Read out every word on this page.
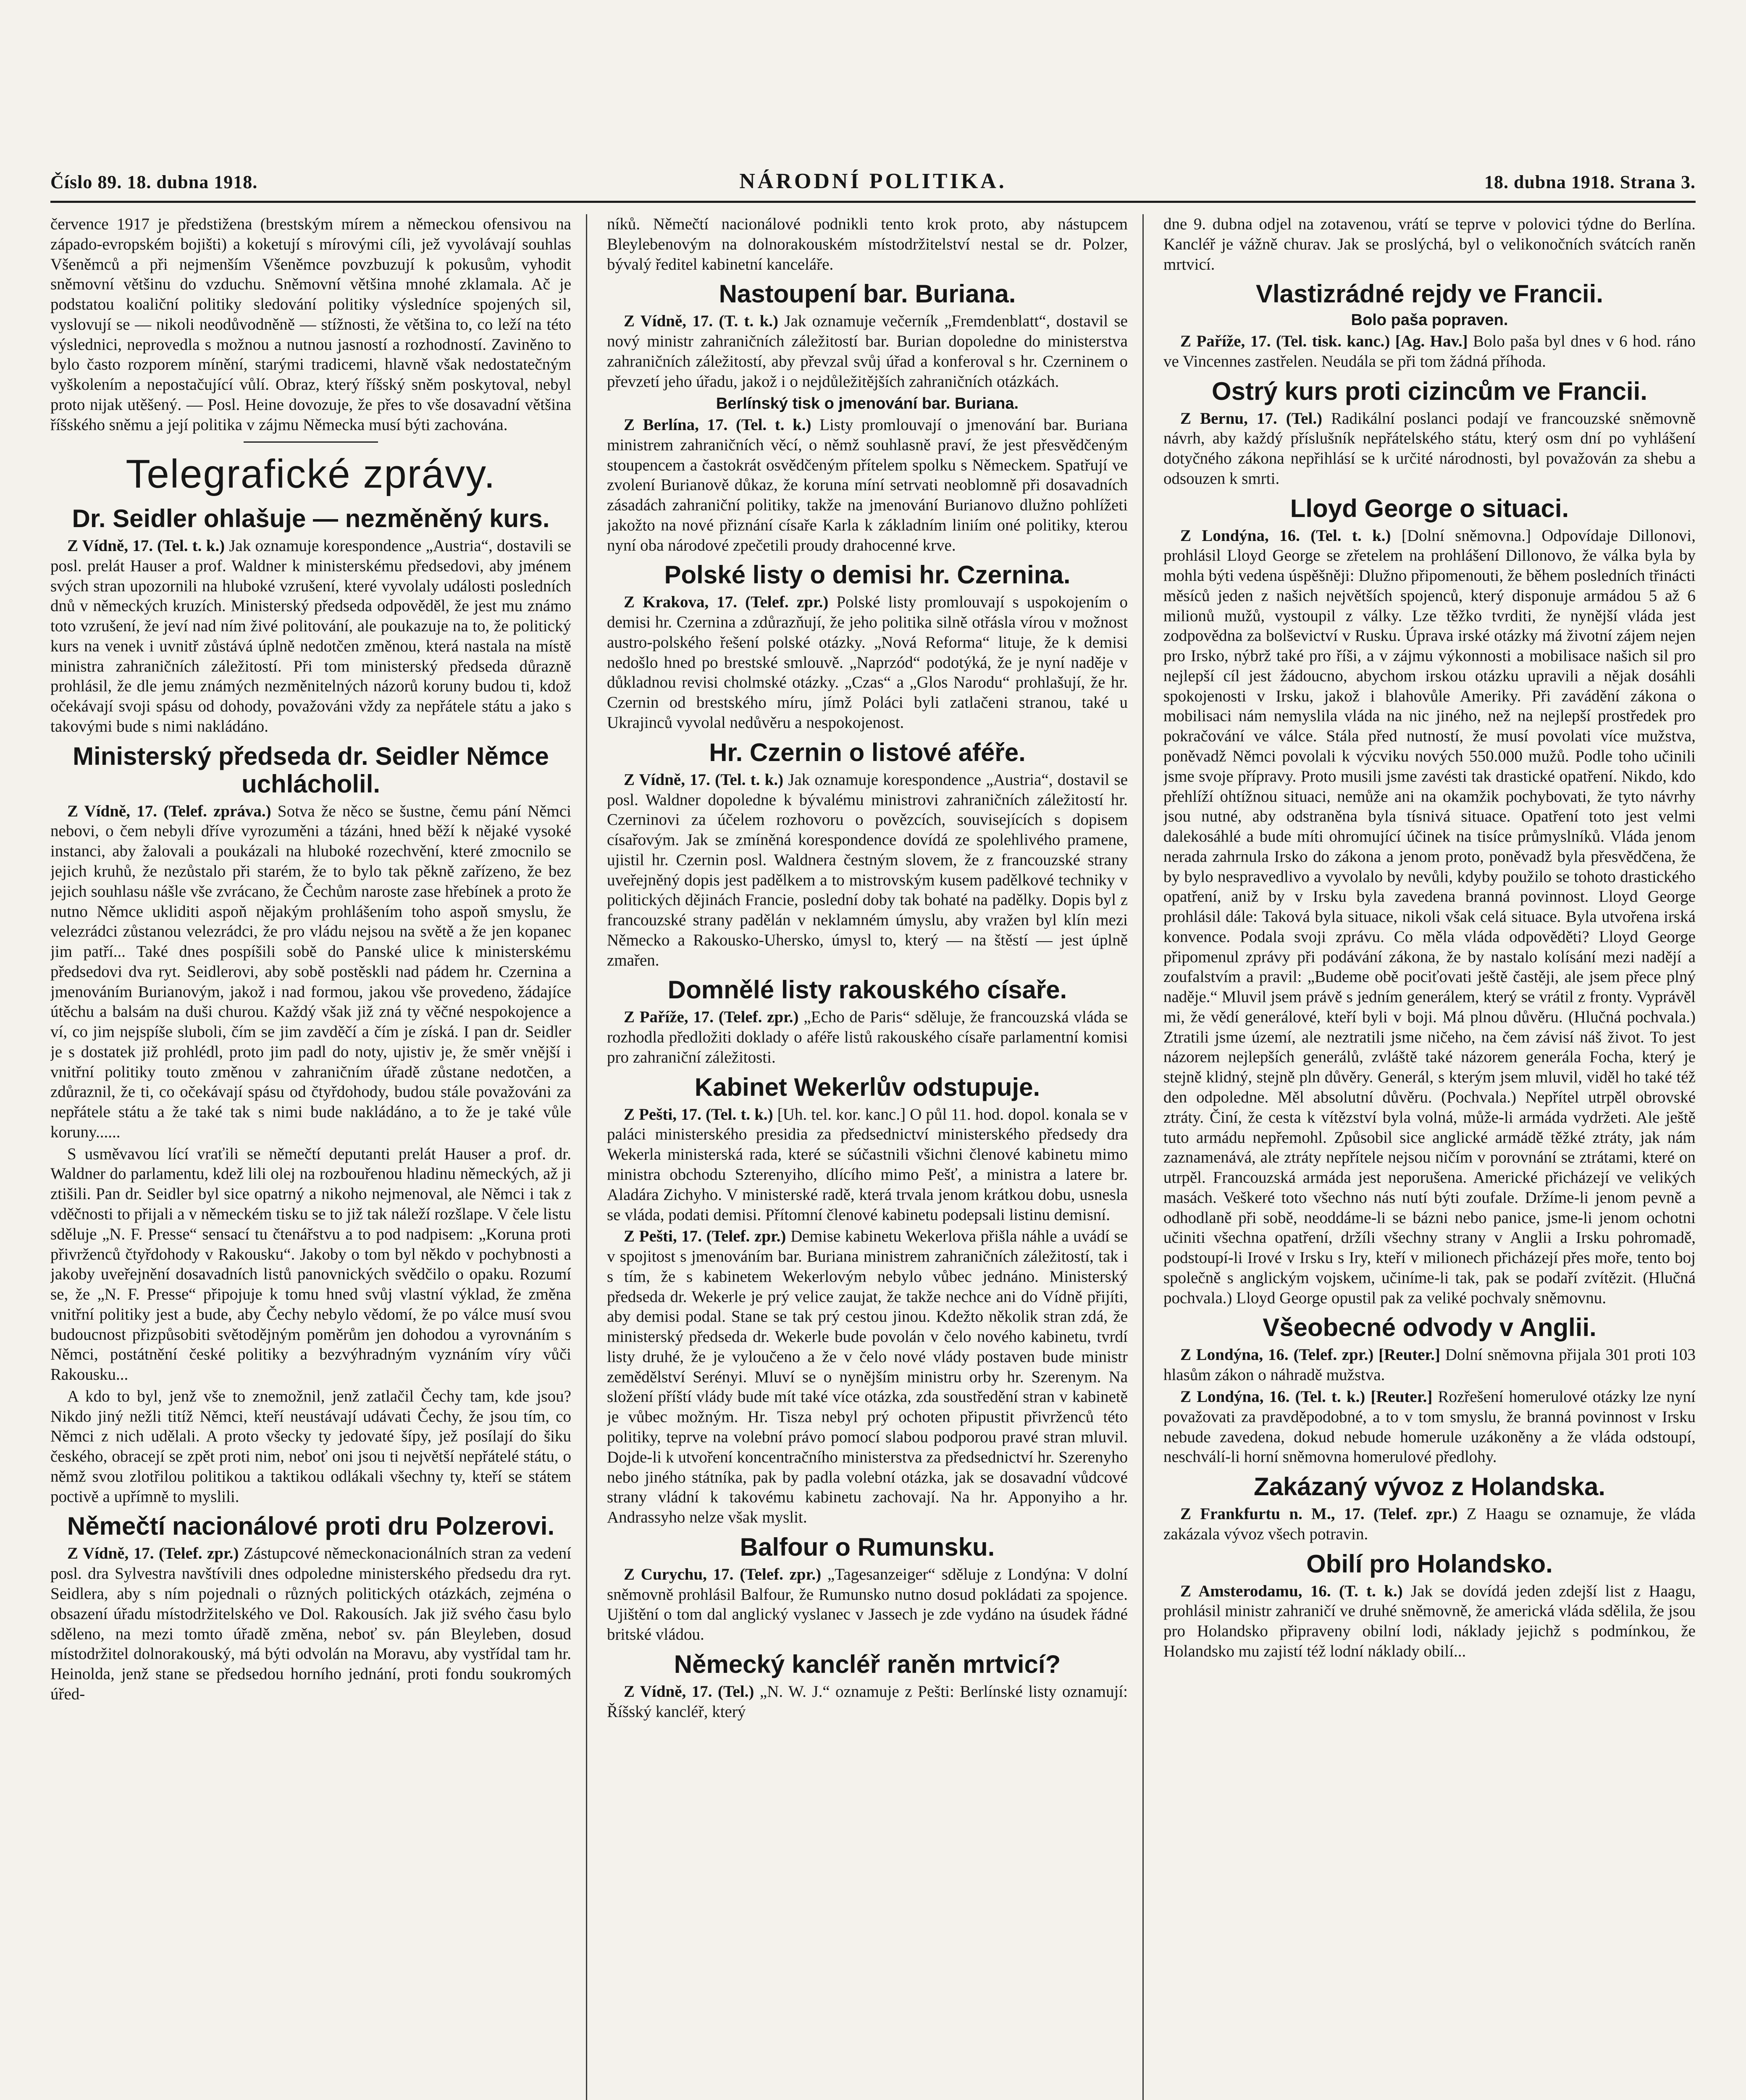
Číslo 89. 18. dubna 1918.	NÁRODNÍ POLITIKA.	18. dubna 1918. Strana 3.

července 1917 je předstižena (brestským mírem a německou ofensivou na západo-evropském bojišti) a koketují s mírovými cíli, jež vyvolávají souhlas Všeněmců a při nejmenším Všeněmce povzbuzují k pokusům, vyhodit sněmovní většinu do vzduchu. Sněmovní většina mnohé zklamala. Ač je podstatou koaliční politiky sledování politiky výsledníce spojených sil, vyslovují se — nikoli neodůvodněně — stížnosti, že většina to, co leží na této výslednici, neprovedla s možnou a nutnou jasností a rozhodností. Zaviněno to bylo často rozporem mínění, starými tradicemi, hlavně však nedostatečným vyškolením a nepostačující vůlí. Obraz, který říšský sněm poskytoval, nebyl proto nijak utěšený. — Posl. Heine dovozuje, že přes to vše dosavadní většina říšského sněmu a její politika v zájmu Německa musí býti zachována.

Telegrafické zprávy.
Dr. Seidler ohlašuje — nezměněný kurs.

Z Vídně, 17. (Tel. t. k.) Jak oznamuje korespondence „Austria“, dostavili se posl. prelát Hauser a prof. Waldner k ministerskému předsedovi, aby jménem svých stran upozornili na hluboké vzrušení, které vyvolaly události posledních dnů v německých kruzích. Ministerský předseda odpověděl, že jest mu známo toto vzrušení, že jeví nad ním živé politování, ale poukazuje na to, že politický kurs na venek i uvnitř zůstává úplně nedotčen změnou, která nastala na místě ministra zahraničních záležitostí. Při tom ministerský předseda důrazně prohlásil, že dle jemu známých nezměnitelných názorů koruny budou ti, kdož očekávají svoji spásu od dohody, považováni vždy za nepřátele státu a jako s takovými bude s nimi nakládáno.

Ministerský předseda dr. Seidler Němce uchlácholil.

Z Vídně, 17. (Telef. zpráva.) Sotva že něco se šustne, čemu pání Němci nebovi, o čem nebyli dříve vyrozuměni a tázáni, hned běží k nějaké vysoké instanci, aby žalovali a poukázali na hluboké rozechvění, které zmocnilo se jejich kruhů, že nezůstalo při starém, že to bylo tak pěkně zařízeno, že bez jejich souhlasu nášle vše zvrácano, že Čechům naroste zase hřebínek a proto že nutno Němce ukliditi aspoň nějakým prohlášením toho aspoň smyslu, že velezrádci zůstanou velezrádci, že pro vládu nejsou na světě a že jen kopanec jim patří... Také dnes pospíšili sobě do Panské ulice k ministerskému předsedovi dva ryt. Seidlerovi, aby sobě postěskli nad pádem hr. Czernina a jmenováním Burianovým, jakož i nad formou, jakou vše provedeno, žádajíce útěchu a balsám na duši churou. Každý však již zná ty věčné nespokojence a ví, co jim nejspíše sluboli, čím se jim zavděčí a čím je získá. I pan dr. Seidler je s dostatek již prohlédl, proto jim padl do noty, ujistiv je, že směr vnější i vnitřní politiky touto změnou v zahraničním úřadě zůstane nedotčen, a zdůraznil, že ti, co očekávají spásu od čtyřdohody, budou stále považováni za nepřátele státu a že také tak s nimi bude nakládáno, a to že je také vůle koruny......

S usměvavou lící vraťili se němečtí deputanti prelát Hauser a prof. dr. Waldner do parlamentu, kdež lili olej na rozbouřenou hladinu německých, až ji ztišili. Pan dr. Seidler byl sice opatrný a nikoho nejmenoval, ale Němci i tak z vděčnosti to přijali a v německém tisku se to již tak náleží rozšlape. V čele listu sděluje „N. F. Presse“ sensací tu čtenářstvu a to pod nadpisem: „Koruna proti přivrženců čtyřdohody v Rakousku“. Jakoby o tom byl někdo v pochybnosti a jakoby uveřejnění dosavadních listů panovnických svědčilo o opaku. Rozumí se, že „N. F. Presse“ připojuje k tomu hned svůj vlastní výklad, že změna vnitřní politiky jest a bude, aby Čechy nebylo vědomí, že po válce musí svou budoucnost přizpůsobiti světodějným poměrům jen dohodou a vyrovnáním s Němci, postátnění české politiky a bezvýhradným vyznáním víry vůči Rakousku...

A kdo to byl, jenž vše to znemožnil, jenž zatlačil Čechy tam, kde jsou? Nikdo jiný nežli titíž Němci, kteří neustávají udávati Čechy, že jsou tím, co Němci z nich udělali. A proto všecky ty jedovaté šípy, jež posílají do šiku českého, obracejí se zpět proti nim, neboť oni jsou ti největší nepřátelé státu, o němž svou zlotřilou politikou a taktikou odlákali všechny ty, kteří se státem poctivě a upřímně to myslili.

Němečtí nacionálové proti dru Polzerovi.

Z Vídně, 17. (Telef. zpr.) Zástupcové německonacionálních stran za vedení posl. dra Sylvestra navštívili dnes odpoledne ministerského předsedu dra ryt. Seidlera, aby s ním pojednali o různých politických otázkách, zejména o obsazení úřadu místodržitelského ve Dol. Rakousích. Jak již svého času bylo sděleno, na mezi tomto úřadě změna, neboť sv. pán Bleyleben, dosud místodržitel dolnorakouský, má býti odvolán na Moravu, aby vystřídal tam hr. Heinolda, jenž stane se předsedou horního jednání, proti fondu soukromých úřed-

níků. Němečtí nacionálové podnikli tento krok proto, aby nástupcem Bleylebenovým na dolnorakouském místodržitelství nestal se dr. Polzer, bývalý ředitel kabinetní kanceláře.

Nastoupení bar. Buriana.

Z Vídně, 17. (T. t. k.) Jak oznamuje večerník „Fremdenblatt“, dostavil se nový ministr zahraničních záležitostí bar. Burian dopoledne do ministerstva zahraničních záležitostí, aby převzal svůj úřad a konferoval s hr. Czerninem o převzetí jeho úřadu, jakož i o nejdůležitějších zahraničních otázkách.

Berlínský tisk o jmenování bar. Buriana.

Z Berlína, 17. (Tel. t. k.) Listy promlouvají o jmenování bar. Buriana ministrem zahraničních věcí, o němž souhlasně praví, že jest přesvědčeným stoupencem a častokrát osvědčeným přítelem spolku s Německem. Spatřují ve zvolení Burianově důkaz, že koruna míní setrvati neoblomně při dosavadních zásadách zahraniční politiky, takže na jmenování Burianovo dlužno pohlížeti jakožto na nové přiznání císaře Karla k základním liniím oné politiky, kterou nyní oba národové zpečetili proudy drahocenné krve.

Polské listy o demisi hr. Czernina.

Z Krakova, 17. (Telef. zpr.) Polské listy promlouvají s uspokojením o demisi hr. Czernina a zdůrazňují, že jeho politika silně otřásla vírou v možnost austro-polského řešení polské otázky. „Nová Reforma“ lituje, že k demisi nedošlo hned po brestské smlouvě. „Naprzód“ podotýká, že je nyní naděje v důkladnou revisi cholmské otázky. „Czas“ a „Glos Narodu“ prohlašují, že hr. Czernin od brestského míru, jímž Poláci byli zatlačeni stranou, také u Ukrajinců vyvolal nedůvěru a nespokojenost.

Hr. Czernin o listové aféře.

Z Vídně, 17. (Tel. t. k.) Jak oznamuje korespondence „Austria“, dostavil se posl. Waldner dopoledne k bývalému ministrovi zahraničních záležitostí hr. Czerninovi za účelem rozhovoru o povězcích, souvisejících s dopisem císařovým. Jak se zmíněná korespondence dovídá ze spolehlivého pramene, ujistil hr. Czernin posl. Waldnera čestným slovem, že z francouzské strany uveřejněný dopis jest padělkem a to mistrovským kusem padělkové techniky v politických dějinách Francie, poslední doby tak bohaté na padělky. Dopis byl z francouzské strany padělán v neklamném úmyslu, aby vražen byl klín mezi Německo a Rakousko-Uhersko, úmysl to, který — na štěstí — jest úplně zmařen.

Domnělé listy rakouského císaře.

Z Paříže, 17. (Telef. zpr.) „Echo de Paris“ sděluje, že francouzská vláda se rozhodla předložiti doklady o aféře listů rakouského císaře parlamentní komisi pro zahraniční záležitosti.

Kabinet Wekerlův odstupuje.

Z Pešti, 17. (Tel. t. k.) [Uh. tel. kor. kanc.] O půl 11. hod. dopol. konala se v paláci ministerského presidia za předsednictví ministerského předsedy dra Wekerla ministerská rada, které se súčastnili všichni členové kabinetu mimo ministra obchodu Szterenyiho, dlícího mimo Pešť, a ministra a latere br. Aladára Zichyho. V ministerské radě, která trvala jenom krátkou dobu, usnesla se vláda, podati demisi. Přítomní členové kabinetu podepsali listinu demisní.

Z Pešti, 17. (Telef. zpr.) Demise kabinetu Wekerlova přišla náhle a uvádí se v spojitost s jmenováním bar. Buriana ministrem zahraničních záležitostí, tak i s tím, že s kabinetem Wekerlovým nebylo vůbec jednáno. Ministerský předseda dr. Wekerle je prý velice zaujat, že takže nechce ani do Vídně přijíti, aby demisi podal. Stane se tak prý cestou jinou. Kdežto několik stran zdá, že ministerský předseda dr. Wekerle bude povolán v čelo nového kabinetu, tvrdí listy druhé, že je vyloučeno a že v čelo nové vlády postaven bude ministr zemědělství Serényi. Mluví se o nynějším ministru orby hr. Szerenym. Na složení příští vlády bude mít také více otázka, zda soustředění stran v kabinetě je vůbec možným. Hr. Tisza nebyl prý ochoten připustit přivrženců této politiky, teprve na volební právo pomocí slabou podporou pravé stran mluvil. Dojde-li k utvoření koncentračního ministerstva za předsednictví hr. Szerenyho nebo jiného státníka, pak by padla volební otázka, jak se dosavadní vůdcové strany vládní k takovému kabinetu zachovají. Na hr. Apponyiho a hr. Andrassyho nelze však myslit.

Balfour o Rumunsku.

Z Curychu, 17. (Telef. zpr.) „Tagesanzeiger“ sděluje z Londýna: V dolní sněmovně prohlásil Balfour, že Rumunsko nutno dosud pokládati za spojence. Ujištění o tom dal anglický vyslanec v Jassech je zde vydáno na úsudek řádné britské vládou.

Německý kancléř raněn mrtvicí?

Z Vídně, 17. (Tel.) „N. W. J.“ oznamuje z Pešti: Berlínské listy oznamují: Říšský kancléř, který

dne 9. dubna odjel na zotavenou, vrátí se teprve v polovici týdne do Berlína. Kancléř je vážně churav. Jak se proslýchá, byl o velikonočních svátcích raněn mrtvicí.

Vlastizrádné rejdy ve Francii.
Bolo paša popraven.

Z Paříže, 17. (Tel. tisk. kanc.) [Ag. Hav.] Bolo paša byl dnes v 6 hod. ráno ve Vincennes zastřelen. Neudála se při tom žádná příhoda.

Ostrý kurs proti cizincům ve Francii.

Z Bernu, 17. (Tel.) Radikální poslanci podají ve francouzské sněmovně návrh, aby každý příslušník nepřátelského státu, který osm dní po vyhlášení dotyčného zákona nepřihlásí se k určité národnosti, byl považován za shebu a odsouzen k smrti.

Lloyd George o situaci.

Z Londýna, 16. (Tel. t. k.) [Dolní sněmovna.] Odpovídaje Dillonovi, prohlásil Lloyd George se zřetelem na prohlášení Dillonovo, že válka byla by mohla býti vedena úspěšněji: Dlužno připomenouti, že během posledních třinácti měsíců jeden z našich největších spojenců, který disponuje armádou 5 až 6 milionů mužů, vystoupil z války. Lze těžko tvrditi, že nynější vláda jest zodpovědna za bolševictví v Rusku. Úprava irské otázky má životní zájem nejen pro Irsko, nýbrž také pro říši, a v zájmu výkonnosti a mobilisace našich sil pro nejlepší cíl jest žádoucno, abychom irskou otázku upravili a nějak dosáhli spokojenosti v Irsku, jakož i blahovůle Ameriky. Při zavádění zákona o mobilisaci nám nemyslila vláda na nic jiného, než na nejlepší prostředek pro pokračování ve válce. Stála před nutností, že musí povolati více mužstva, poněvadž Němci povolali k výcviku nových 550.000 mužů. Podle toho učinili jsme svoje přípravy. Proto musili jsme zavésti tak drastické opatření. Nikdo, kdo přehlíží ohtížnou situaci, nemůže ani na okamžik pochybovati, že tyto návrhy jsou nutné, aby odstraněna byla tísnivá situace. Opatření toto jest velmi dalekosáhlé a bude míti ohromující účinek na tisíce průmyslníků. Vláda jenom nerada zahrnula Irsko do zákona a jenom proto, poněvadž byla přesvědčena, že by bylo nespravedlivo a vyvolalo by nevůli, kdyby použilo se tohoto drastického opatření, aniž by v Irsku byla zavedena branná povinnost. Lloyd George prohlásil dále: Taková byla situace, nikoli však celá situace. Byla utvořena irská konvence. Podala svoji zprávu. Co měla vláda odpověděti? Lloyd George připomenul zprávy při podávání zákona, že by nastalo kolísání mezi nadějí a zoufalstvím a pravil: „Budeme obě pociťovati ještě častěji, ale jsem přece plný naděje.“ Mluvil jsem právě s jedním generálem, který se vrátil z fronty. Vyprávěl mi, že vědí generálové, kteří byli v boji. Má plnou důvěru. (Hlučná pochvala.) Ztratili jsme území, ale neztratili jsme ničeho, na čem závisí náš život. To jest názorem nejlepších generálů, zvláště také názorem generála Focha, který je stejně klidný, stejně pln důvěry. Generál, s kterým jsem mluvil, viděl ho také též den odpoledne. Měl absolutní důvěru. (Pochvala.) Nepřítel utrpěl obrovské ztráty. Činí, že cesta k vítězství byla volná, může-li armáda vydržeti. Ale ještě tuto armádu nepřemohl. Způsobil sice anglické armádě těžké ztráty, jak nám zaznamenává, ale ztráty nepřítele nejsou ničím v porovnání se ztrátami, které on utrpěl. Francouzská armáda jest neporušena. Americké přicházejí ve velikých masách. Veškeré toto všechno nás nutí býti zoufale. Držíme-li jenom pevně a odhodlaně při sobě, neoddáme-li se bázni nebo panice, jsme-li jenom ochotni učiniti všechna opatření, držíli všechny strany v Anglii a Irsku pohromadě, podstoupí-li Irové v Irsku s Iry, kteří v milionech přicházejí přes moře, tento boj společně s anglickým vojskem, učiníme-li tak, pak se podaří zvítězit. (Hlučná pochvala.) Lloyd George opustil pak za veliké pochvaly sněmovnu.

Všeobecné odvody v Anglii.

Z Londýna, 16. (Telef. zpr.) [Reuter.] Dolní sněmovna přijala 301 proti 103 hlasům zákon o náhradě mužstva.

Z Londýna, 16. (Tel. t. k.) [Reuter.] Rozřešení homerulové otázky lze nyní považovati za pravděpodobné, a to v tom smyslu, že branná povinnost v Irsku nebude zavedena, dokud nebude homerule uzákoněny a že vláda odstoupí, neschválí-li horní sněmovna homerulové předlohy.

Zakázaný vývoz z Holandska.

Z Frankfurtu n. M., 17. (Telef. zpr.) Z Haagu se oznamuje, že vláda zakázala vývoz všech potravin.

Obilí pro Holandsko.

Z Amsterodamu, 16. (T. t. k.) Jak se dovídá jeden zdejší list z Haagu, prohlásil ministr zahraničí ve druhé sněmovně, že americká vláda sdělila, že jsou pro Holandsko připraveny obilní lodi, náklady jejichž s podmínkou, že Holandsko mu zajistí též lodní náklady obilí...
